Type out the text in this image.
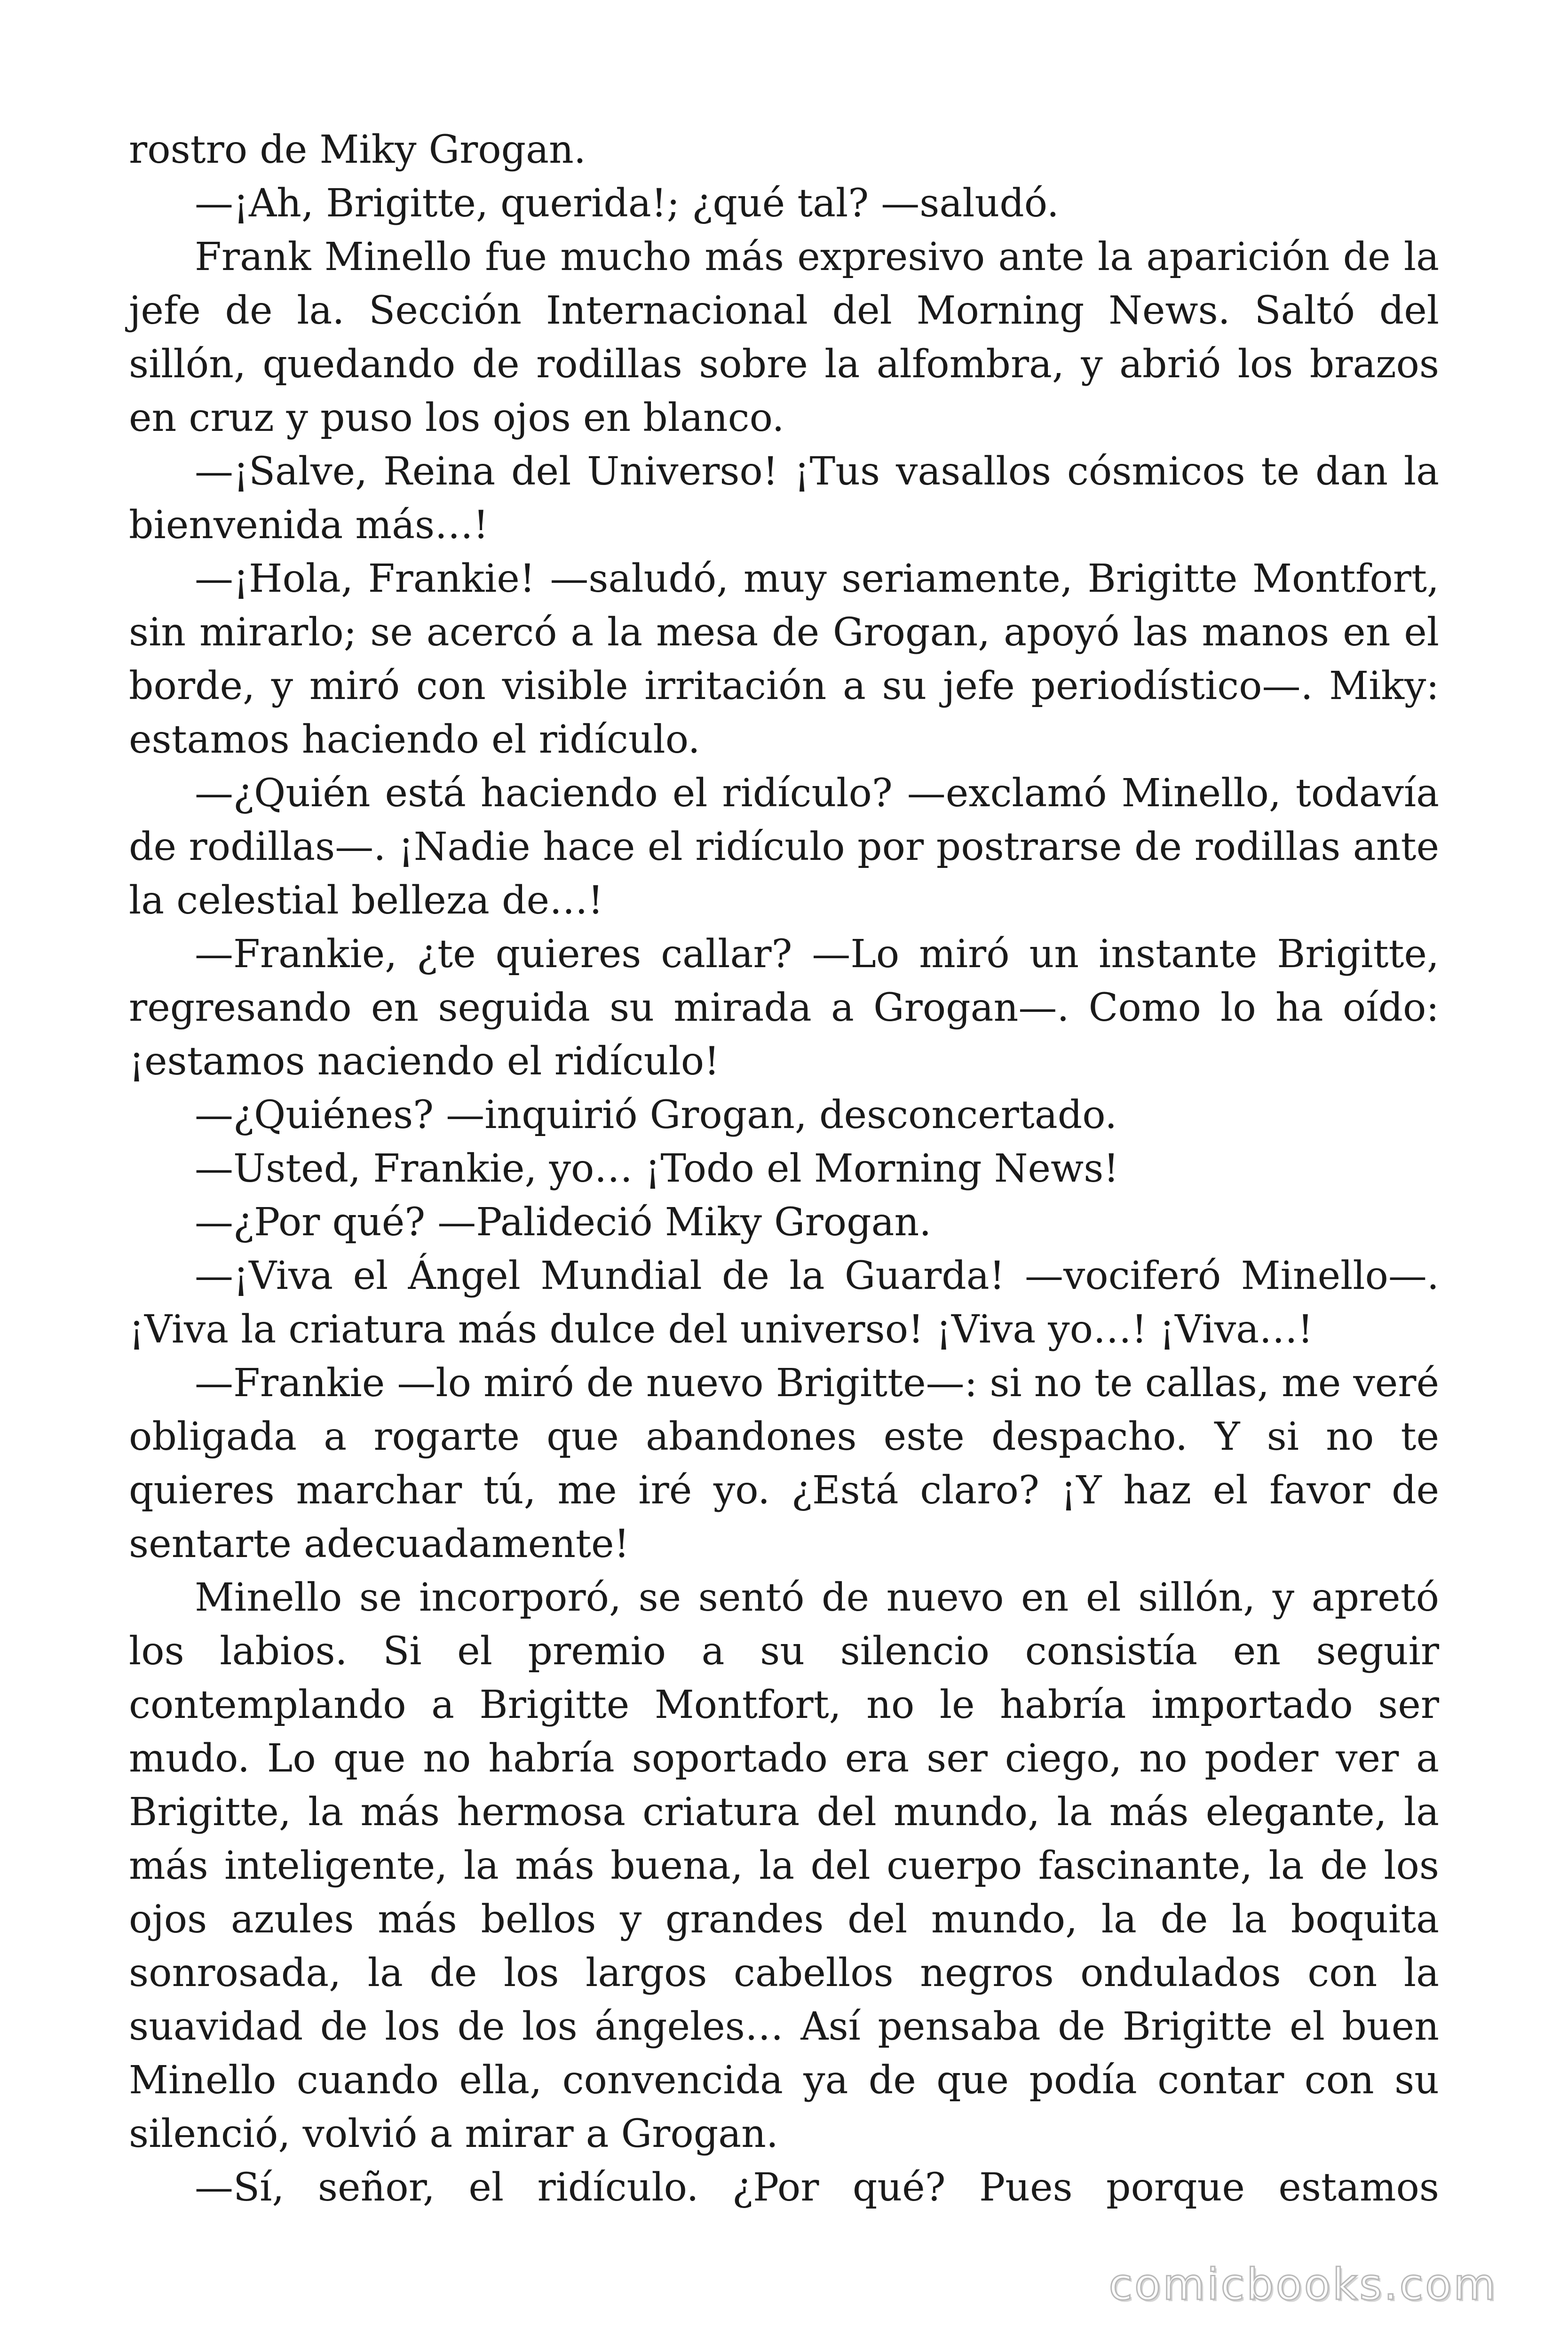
rostro de Miky Grogan.

—¡Ah, Brigitte, querida!; ¿qué tal? —saludó.

Frank Minello fue mucho más expresivo ante la aparición de la jefe de la. Sección Internacional del Morning News. Saltó del sillón, quedando de rodillas sobre la alfombra, y abrió los brazos en cruz y puso los ojos en blanco.

—¡Salve, Reina del Universo! ¡Tus vasallos cósmicos te dan la bienvenida más…!

—¡Hola, Frankie! —saludó, muy seriamente, Brigitte Montfort, sin mirarlo; se acercó a la mesa de Grogan, apoyó las manos en el borde, y miró con visible irritación a su jefe periodístico—. Miky: estamos haciendo el ridículo.

—¿Quién está haciendo el ridículo? —exclamó Minello, todavía de rodillas—. ¡Nadie hace el ridículo por postrarse de rodillas ante la celestial belleza de…!

—Frankie, ¿te quieres callar? —Lo miró un instante Brigitte, regresando en seguida su mirada a Grogan—. Como lo ha oído: ¡estamos naciendo el ridículo!

—¿Quiénes? —inquirió Grogan, desconcertado.

—Usted, Frankie, yo… ¡Todo el Morning News!

—¿Por qué? —Palideció Miky Grogan.

—¡Viva el Ángel Mundial de la Guarda! —vociferó Minello—. ¡Viva la criatura más dulce del universo! ¡Viva yo…! ¡Viva…!

—Frankie —lo miró de nuevo Brigitte—: si no te callas, me veré obligada a rogarte que abandones este despacho. Y si no te quieres marchar tú, me iré yo. ¿Está claro? ¡Y haz el favor de sentarte adecuadamente!

Minello se incorporó, se sentó de nuevo en el sillón, y apretó los labios. Si el premio a su silencio consistía en seguir contemplando a Brigitte Montfort, no le habría importado ser mudo. Lo que no habría soportado era ser ciego, no poder ver a Brigitte, la más hermosa criatura del mundo, la más elegante, la más inteligente, la más buena, la del cuerpo fascinante, la de los ojos azules más bellos y grandes del mundo, la de la boquita sonrosada, la de los largos cabellos negros ondulados con la suavidad de los de los ángeles… Así pensaba de Brigitte el buen Minello cuando ella, convencida ya de que podía contar con su silenció, volvió a mirar a Grogan.

—Sí, señor, el ridículo. ¿Por qué? Pues porque estamos

comicbooks.com
